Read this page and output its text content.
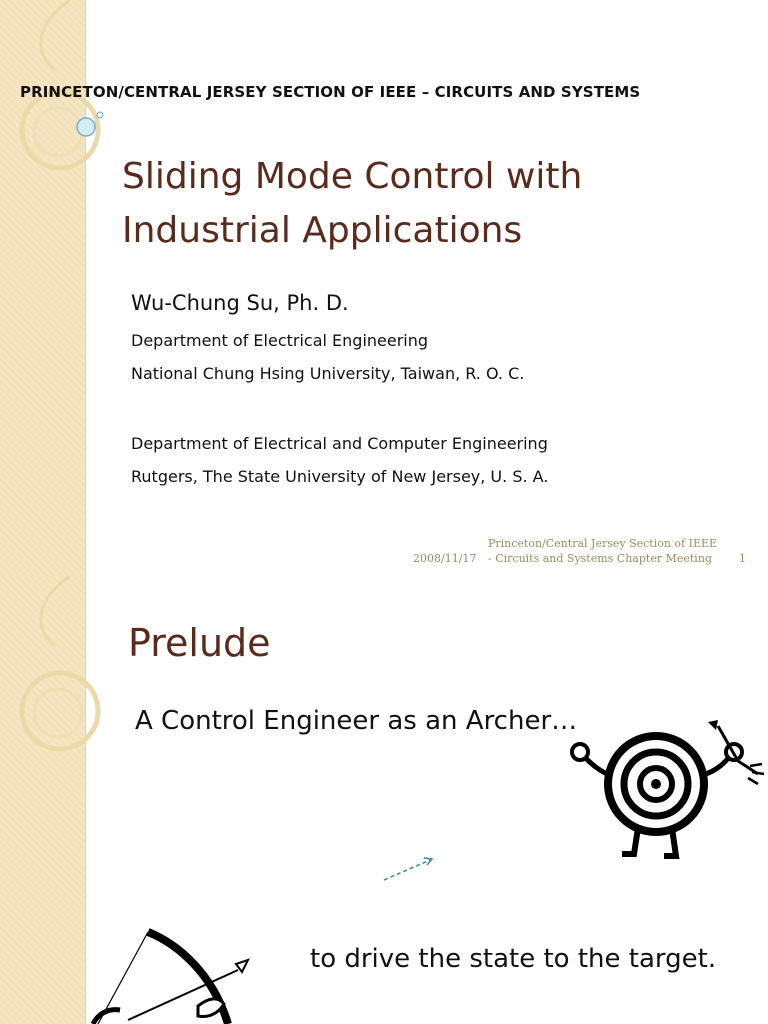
PRINCETON/CENTRAL JERSEY SECTION OF IEEE – CIRCUITS AND SYSTEMS
Sliding Mode Control with
Industrial Applications
Wu-Chung Su, Ph. D.
Department of Electrical Engineering
National Chung Hsing University, Taiwan, R. O. C.
Department of Electrical and Computer Engineering
Rutgers, The State University of New Jersey, U. S. A.
2008/11/17
Princeton/Central Jersey Section of IEEE
- Circuits and Systems Chapter Meeting	1
Prelude
A Control Engineer as an Archer…
to drive the state to the target.
